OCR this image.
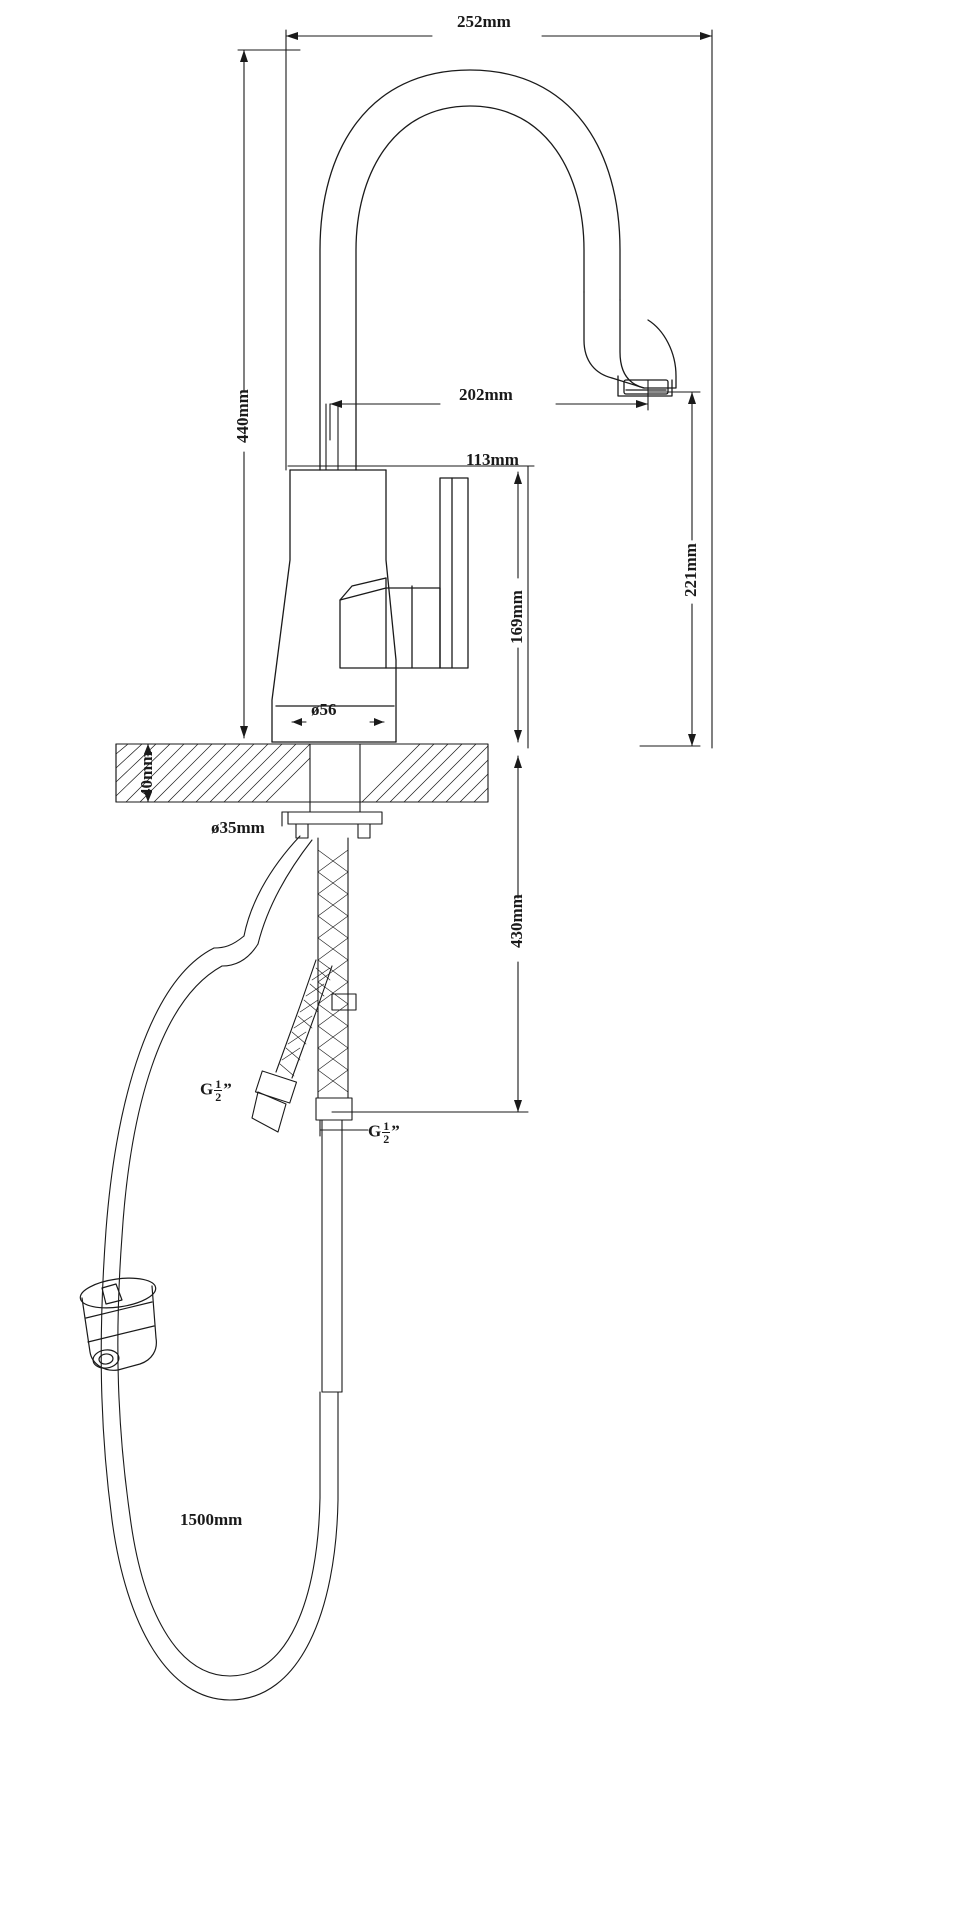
252mm
440mm	202mm
113mm
221mm
169mm
ø56
40mm
ø35mm
430mm
1500mm
G $\frac{1}{2}$ ”
G $\frac{1}{2}$ ”
